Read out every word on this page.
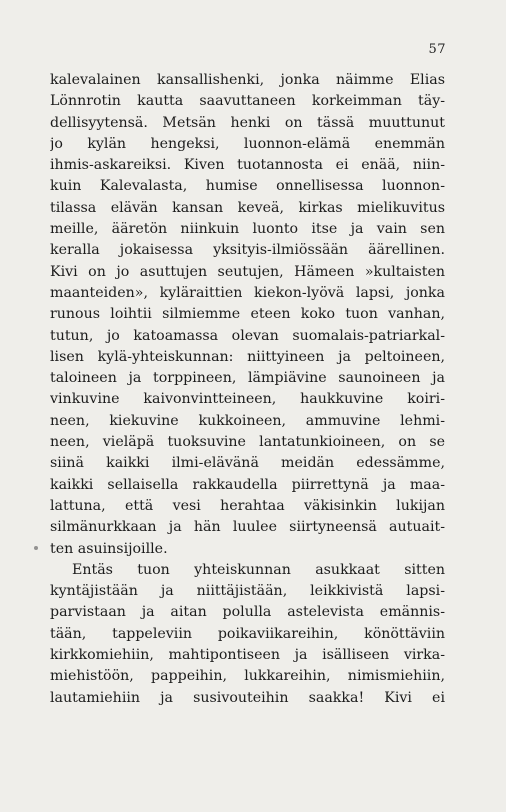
57
kalevalainen kansallishenki, jonka näimme Elias
Lönnrotin kautta saavuttaneen korkeimman täy-
dellisyytensä. Metsän henki on tässä muuttunut
jo kylän hengeksi, luonnon-elämä enemmän
ihmis-askareiksi. Kiven tuotannosta ei enää, niin-
kuin Kalevalasta, humise onnellisessa luonnon-
tilassa elävän kansan keveä, kirkas mielikuvitus
meille, ääretön niinkuin luonto itse ja vain sen
keralla jokaisessa yksityis-ilmiössään äärellinen.
Kivi on jo asuttujen seutujen, Hämeen »kultaisten
maanteiden», kyläraittien kiekon-lyövä lapsi, jonka
runous loihtii silmiemme eteen koko tuon vanhan,
tutun, jo katoamassa olevan suomalais-patriarkal-
lisen kylä-yhteiskunnan: niittyineen ja peltoineen,
taloineen ja torppineen, lämpiävine saunoineen ja
vinkuvine kaivonvintteineen, haukkuvine koiri-
neen, kiekuvine kukkoineen, ammuvine lehmi-
neen, vieläpä tuoksuvine lantatunkioineen, on se
siinä kaikki ilmi-elävänä meidän edessämme,
kaikki sellaisella rakkaudella piirrettynä ja maa-
lattuna, että vesi herahtaa väkisinkin lukijan
silmänurkkaan ja hän luulee siirtyneensä autuait-
ten asuinsijoille.
Entäs tuon yhteiskunnan asukkaat sitten
kyntäjistään ja niittäjistään, leikkivistä lapsi-
parvistaan ja aitan polulla astelevista emännis-
tään, tappeleviin poikaviikareihin, könöttäviin
kirkkomiehiin, mahtipontiseen ja isälliseen virka-
miehistöön, pappeihin, lukkareihin, nimismiehiin,
lautamiehiin ja susivouteihin saakka! Kivi ei
